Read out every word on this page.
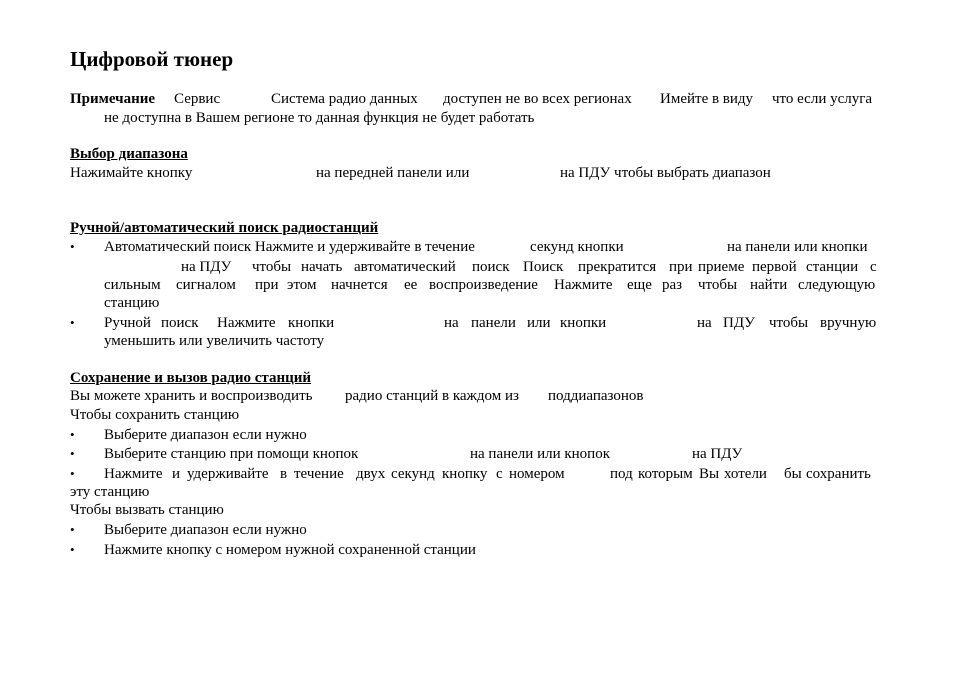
Цифровой тюнер
Примечание Сервис	Система радио данных доступен не во всех регионах Имейте в виду что если услуга
не доступна в Вашем регионе то данная функция не будет работать
Выбор диапазона
Нажимайте кнопку	на передней панели или	на ПДУ чтобы выбрать диапазон
Ручной/автоматический поиск радиостанций
• Автоматический поиск Нажмите и удерживайте в течение	секунд кнопки	на панели или кнопки
на ПДУ чтобы начать автоматический поиск Поиск прекратится при приеме первой станции с
сильным сигналом при этом начнется ее воспроизведение Нажмите еще раз чтобы найти следующую
станцию
• Ручной поиск Нажмите кнопки	на панели или кнопки	на ПДУ чтобы вручную
уменьшить или увеличить частоту
Сохранение и вызов радио станций
Вы можете хранить и воспроизводить радио станций в каждом из поддиапазонов
Чтобы сохранить станцию
• Выберите диапазон если нужно
• Выберите станцию при помощи кнопок	на панели или кнопок	на ПДУ
• Нажмите и удерживайте в течение двух секунд кнопку с номером	под которым Вы хотели бы сохранить
эту станцию
Чтобы вызвать станцию
• Выберите диапазон если нужно
• Нажмите кнопку с номером нужной сохраненной станции
